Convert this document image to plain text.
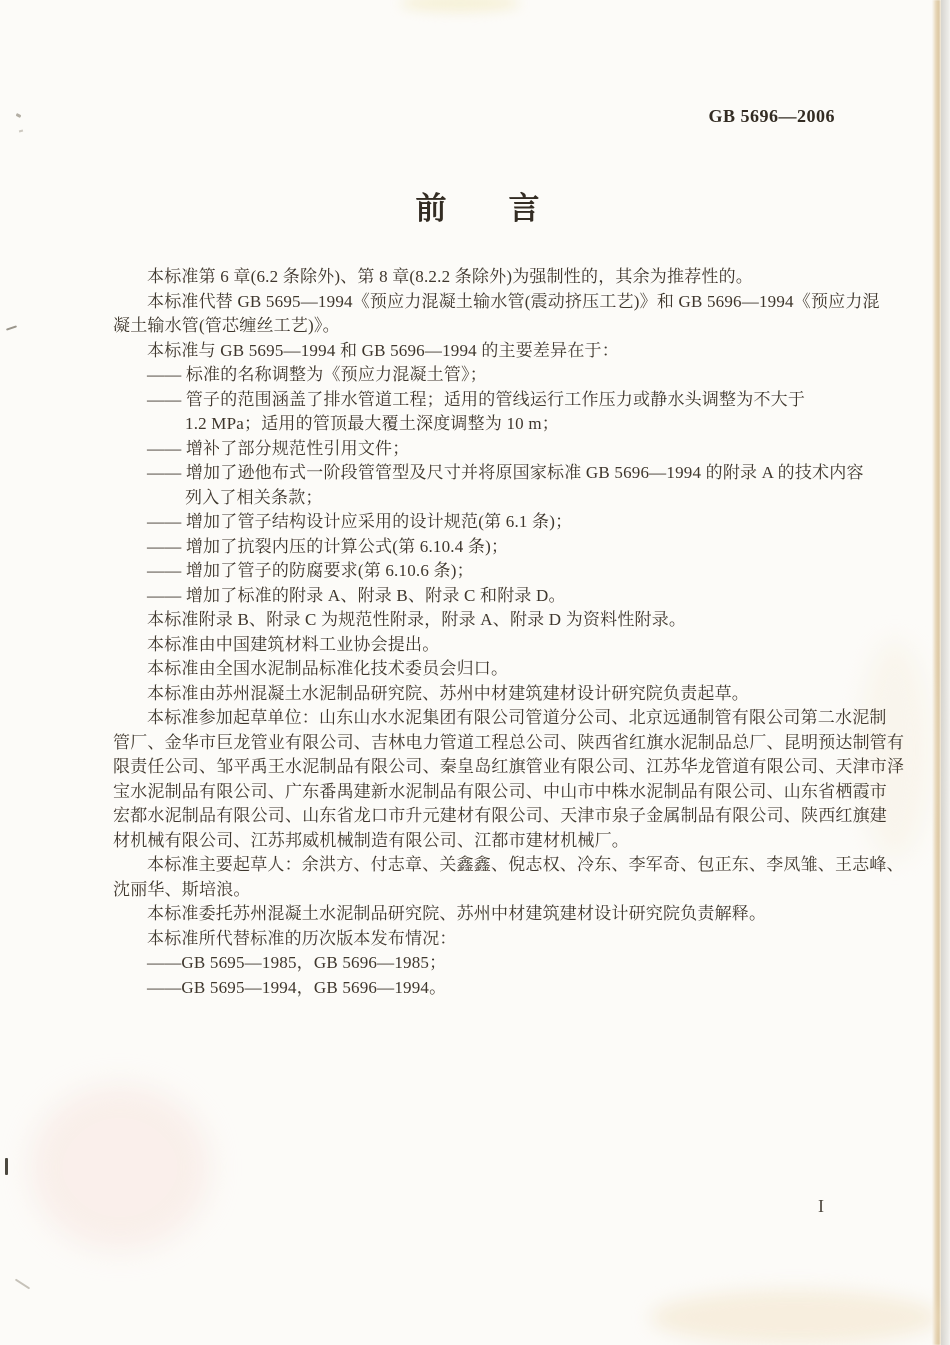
GB 5696—2006
前　　言
本标准第 6 章(6.2 条除外)、第 8 章(8.2.2 条除外)为强制性的，其余为推荐性的。
本标准代替 GB 5695—1994《预应力混凝土输水管(震动挤压工艺)》和 GB 5696—1994《预应力混
凝土输水管(管芯缠丝工艺)》。
本标准与 GB 5695—1994 和 GB 5696—1994 的主要差异在于：
—— 标准的名称调整为《预应力混凝土管》；
—— 管子的范围涵盖了排水管道工程；适用的管线运行工作压力或静水头调整为不大于
1.2 MPa；适用的管顶最大覆土深度调整为 10 m；
—— 增补了部分规范性引用文件；
—— 增加了逊他布式一阶段管管型及尺寸并将原国家标准 GB 5696—1994 的附录 A 的技术内容
列入了相关条款；
—— 增加了管子结构设计应采用的设计规范(第 6.1 条)；
—— 增加了抗裂内压的计算公式(第 6.10.4 条)；
—— 增加了管子的防腐要求(第 6.10.6 条)；
—— 增加了标准的附录 A、附录 B、附录 C 和附录 D。
本标准附录 B、附录 C 为规范性附录，附录 A、附录 D 为资料性附录。
本标准由中国建筑材料工业协会提出。
本标准由全国水泥制品标准化技术委员会归口。
本标准由苏州混凝土水泥制品研究院、苏州中材建筑建材设计研究院负责起草。
本标准参加起草单位：山东山水水泥集团有限公司管道分公司、北京远通制管有限公司第二水泥制
管厂、金华市巨龙管业有限公司、吉林电力管道工程总公司、陕西省红旗水泥制品总厂、昆明预达制管有
限责任公司、邹平禹王水泥制品有限公司、秦皇岛红旗管业有限公司、江苏华龙管道有限公司、天津市泽
宝水泥制品有限公司、广东番禺建新水泥制品有限公司、中山市中株水泥制品有限公司、山东省栖霞市
宏都水泥制品有限公司、山东省龙口市升元建材有限公司、天津市泉子金属制品有限公司、陕西红旗建
材机械有限公司、江苏邦威机械制造有限公司、江都市建材机械厂。
本标准主要起草人：余洪方、付志章、关鑫鑫、倪志权、冷东、李军奇、包正东、李凤雏、王志峰、
沈丽华、斯培浪。
本标准委托苏州混凝土水泥制品研究院、苏州中材建筑建材设计研究院负责解释。
本标准所代替标准的历次版本发布情况：
——GB 5695—1985，GB 5696—1985；
——GB 5695—1994，GB 5696—1994。
I
